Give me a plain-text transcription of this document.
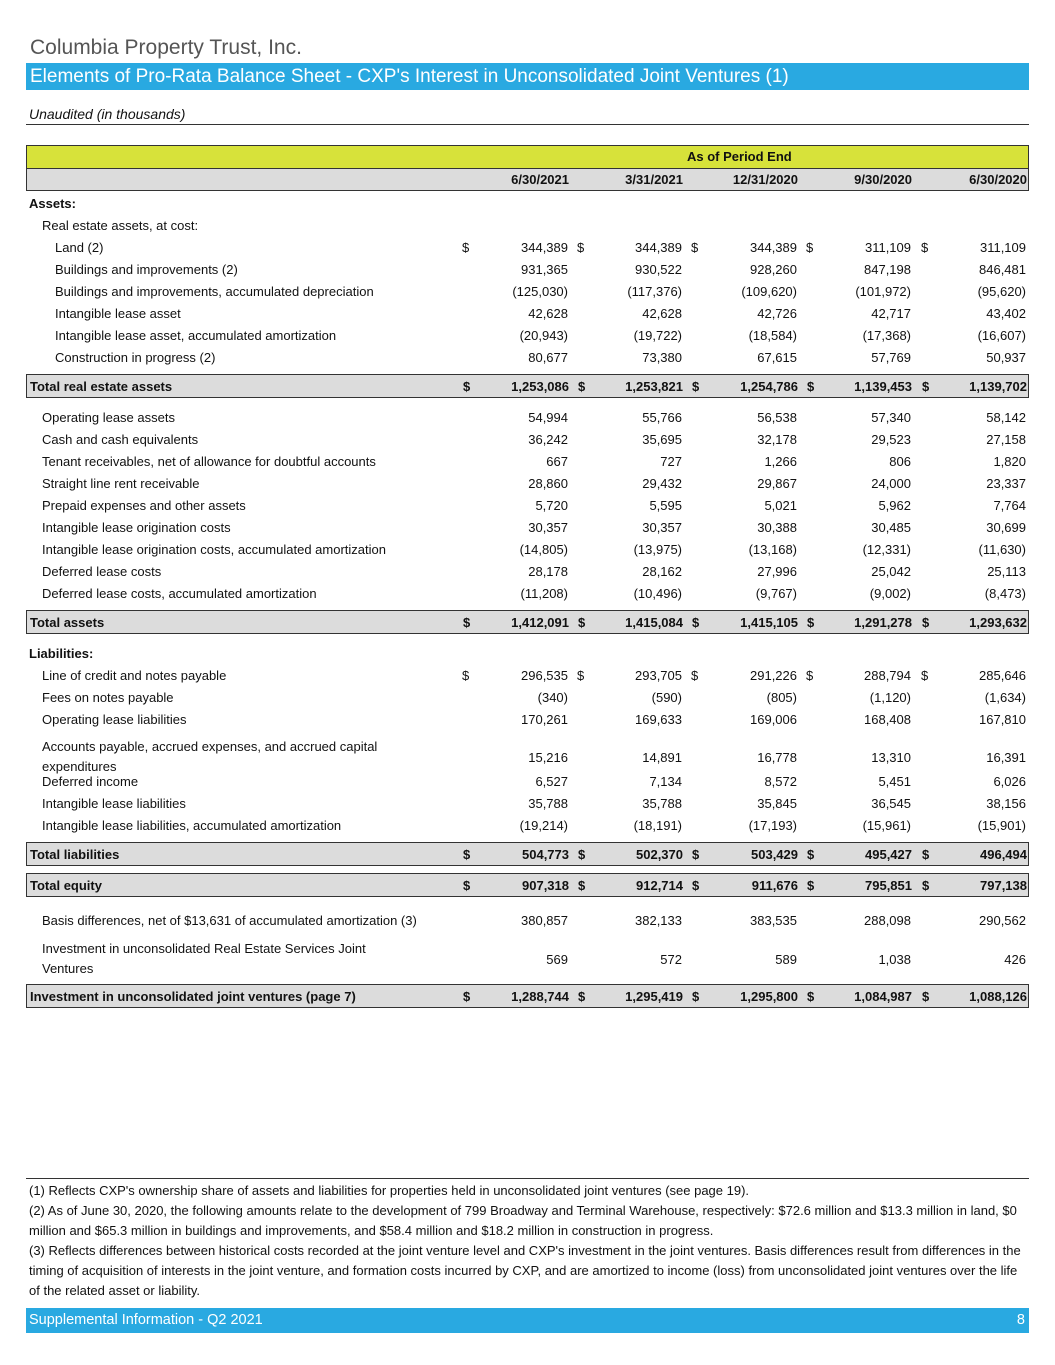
Columbia Property Trust, Inc.
Elements of Pro-Rata Balance Sheet - CXP's Interest in Unconsolidated Joint Ventures (1)
Unaudited (in thousands)
As of Period End
6/30/2021	3/31/2021	12/31/2020	9/30/2020	6/30/2020
Assets:
Real estate assets, at cost:
Land (2)	$	344,389 $	344,389 $	344,389 $	311,109 $	311,109
Buildings and improvements (2)	931,365	930,522	928,260	847,198	846,481
Buildings and improvements, accumulated depreciation	(125,030)	(117,376)	(109,620)	(101,972)	(95,620)
Intangible lease asset	42,628	42,628	42,726	42,717	43,402
Intangible lease asset, accumulated amortization	(20,943)	(19,722)	(18,584)	(17,368)	(16,607)
Construction in progress (2)	80,677	73,380	67,615	57,769	50,937
Total real estate assets	$	1,253,086 $	1,253,821 $	1,254,786 $	1,139,453 $	1,139,702
Operating lease assets	54,994	55,766	56,538	57,340	58,142
Cash and cash equivalents	36,242	35,695	32,178	29,523	27,158
Tenant receivables, net of allowance for doubtful accounts	667	727	1,266	806	1,820
Straight line rent receivable	28,860	29,432	29,867	24,000	23,337
Prepaid expenses and other assets	5,720	5,595	5,021	5,962	7,764
Intangible lease origination costs	30,357	30,357	30,388	30,485	30,699
Intangible lease origination costs, accumulated amortization	(14,805)	(13,975)	(13,168)	(12,331)	(11,630)
Deferred lease costs	28,178	28,162	27,996	25,042	25,113
Deferred lease costs, accumulated amortization	(11,208)	(10,496)	(9,767)	(9,002)	(8,473)
Total assets	$	1,412,091 $	1,415,084 $	1,415,105 $	1,291,278 $	1,293,632
Liabilities:
Line of credit and notes payable	$	296,535 $	293,705 $	291,226 $	288,794 $	285,646
Fees on notes payable	(340)	(590)	(805)	(1,120)	(1,634)
Operating lease liabilities	170,261	169,633	169,006	168,408	167,810
Accounts payable, accrued expenses, and accrued capital expenditures
15,216	14,891	16,778	13,310	16,391
Deferred income	6,527	7,134	8,572	5,451	6,026
Intangible lease liabilities	35,788	35,788	35,845	36,545	38,156
Intangible lease liabilities, accumulated amortization	(19,214)	(18,191)	(17,193)	(15,961)	(15,901)
Total liabilities	$	504,773 $	502,370 $	503,429 $	495,427 $	496,494
Total equity	$	907,318 $	912,714 $	911,676 $	795,851 $	797,138
Basis differences, net of $13,631 of accumulated amortization (3)	380,857	382,133	383,535	288,098	290,562
Investment in unconsolidated Real Estate Services Joint Ventures
569	572	589	1,038	426
Investment in unconsolidated joint ventures (page 7)	$	1,288,744 $	1,295,419 $	1,295,800 $	1,084,987 $	1,088,126
(1) Reflects CXP's ownership share of assets and liabilities for properties held in unconsolidated joint ventures (see page 19).
(2) As of June 30, 2020, the following amounts relate to the development of 799 Broadway and Terminal Warehouse, respectively: $72.6 million and $13.3 million in land, $0 million and $65.3 million in buildings and improvements, and $58.4 million and $18.2 million in construction in progress.
(3) Reflects differences between historical costs recorded at the joint venture level and CXP's investment in the joint ventures. Basis differences result from differences in the timing of acquisition of interests in the joint venture, and formation costs incurred by CXP, and are amortized to income (loss) from unconsolidated joint ventures over the life of the related asset or liability.
Supplemental Information - Q2 2021	8
